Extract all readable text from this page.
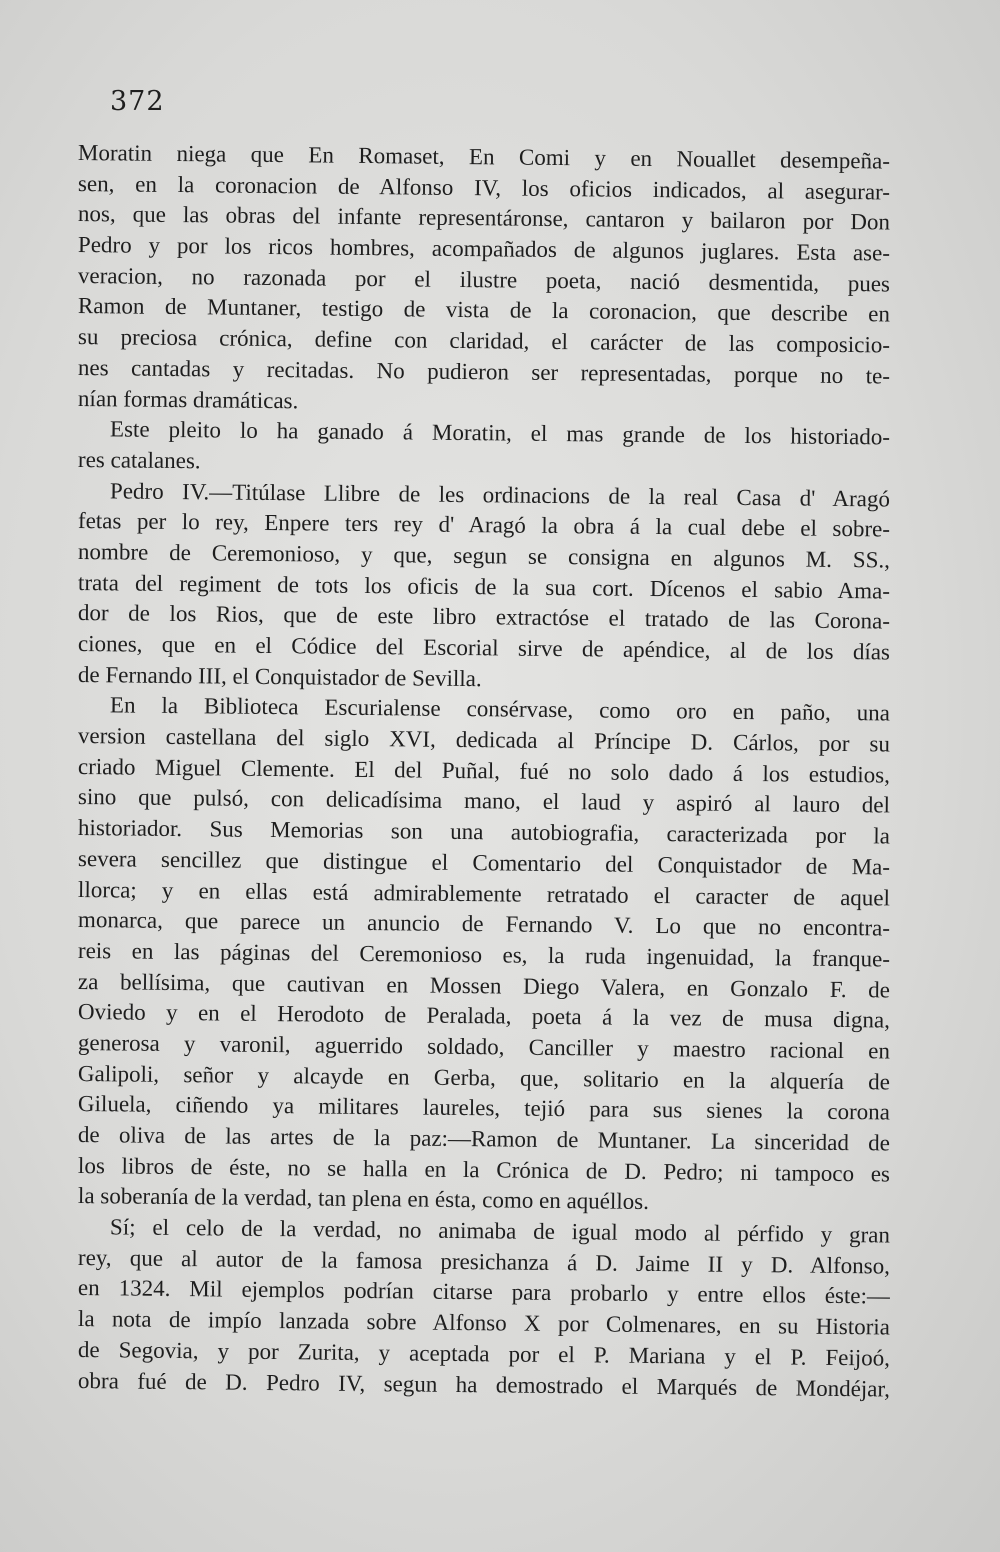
372
Moratin niega que En Romaset, En Comi y en Nouallet desempeña-
sen, en la coronacion de Alfonso IV, los oficios indicados, al asegurar-
nos, que las obras del infante representáronse, cantaron y bailaron por Don
Pedro y por los ricos hombres, acompañados de algunos juglares. Esta ase-
veracion, no razonada por el ilustre poeta, nació desmentida, pues
Ramon de Muntaner, testigo de vista de la coronacion, que describe en
su preciosa crónica, define con claridad, el carácter de las composicio-
nes cantadas y recitadas. No pudieron ser representadas, porque no te-
nían formas dramáticas.
Este pleito lo ha ganado á Moratin, el mas grande de los historiado-
res catalanes.
Pedro IV.—Titúlase Llibre de les ordinacions de la real Casa d' Aragó
fetas per lo rey, Enpere ters rey d' Aragó la obra á la cual debe el sobre-
nombre de Ceremonioso, y que, segun se consigna en algunos M. SS.,
trata del regiment de tots los oficis de la sua cort. Dícenos el sabio Ama-
dor de los Rios, que de este libro extractóse el tratado de las Corona-
ciones, que en el Códice del Escorial sirve de apéndice, al de los días
de Fernando III, el Conquistador de Sevilla.
En la Biblioteca Escurialense consérvase, como oro en paño, una
version castellana del siglo XVI, dedicada al Príncipe D. Cárlos, por su
criado Miguel Clemente. El del Puñal, fué no solo dado á los estudios,
sino que pulsó, con delicadísima mano, el laud y aspiró al lauro del
historiador. Sus Memorias son una autobiografia, caracterizada por la
severa sencillez que distingue el Comentario del Conquistador de Ma-
llorca; y en ellas está admirablemente retratado el caracter de aquel
monarca, que parece un anuncio de Fernando V. Lo que no encontra-
reis en las páginas del Ceremonioso es, la ruda ingenuidad, la franque-
za bellísima, que cautivan en Mossen Diego Valera, en Gonzalo F. de
Oviedo y en el Herodoto de Peralada, poeta á la vez de musa digna,
generosa y varonil, aguerrido soldado, Canciller y maestro racional en
Galipoli, señor y alcayde en Gerba, que, solitario en la alquería de
Giluela, ciñendo ya militares laureles, tejió para sus sienes la corona
de oliva de las artes de la paz:—Ramon de Muntaner. La sinceridad de
los libros de éste, no se halla en la Crónica de D. Pedro; ni tampoco es
la soberanía de la verdad, tan plena en ésta, como en aquéllos.
Sí; el celo de la verdad, no animaba de igual modo al pérfido y gran
rey, que al autor de la famosa presichanza á D. Jaime II y D. Alfonso,
en 1324. Mil ejemplos podrían citarse para probarlo y entre ellos éste:—
la nota de impío lanzada sobre Alfonso X por Colmenares, en su Historia
de Segovia, y por Zurita, y aceptada por el P. Mariana y el P. Feijoó,
obra fué de D. Pedro IV, segun ha demostrado el Marqués de Mondéjar,
